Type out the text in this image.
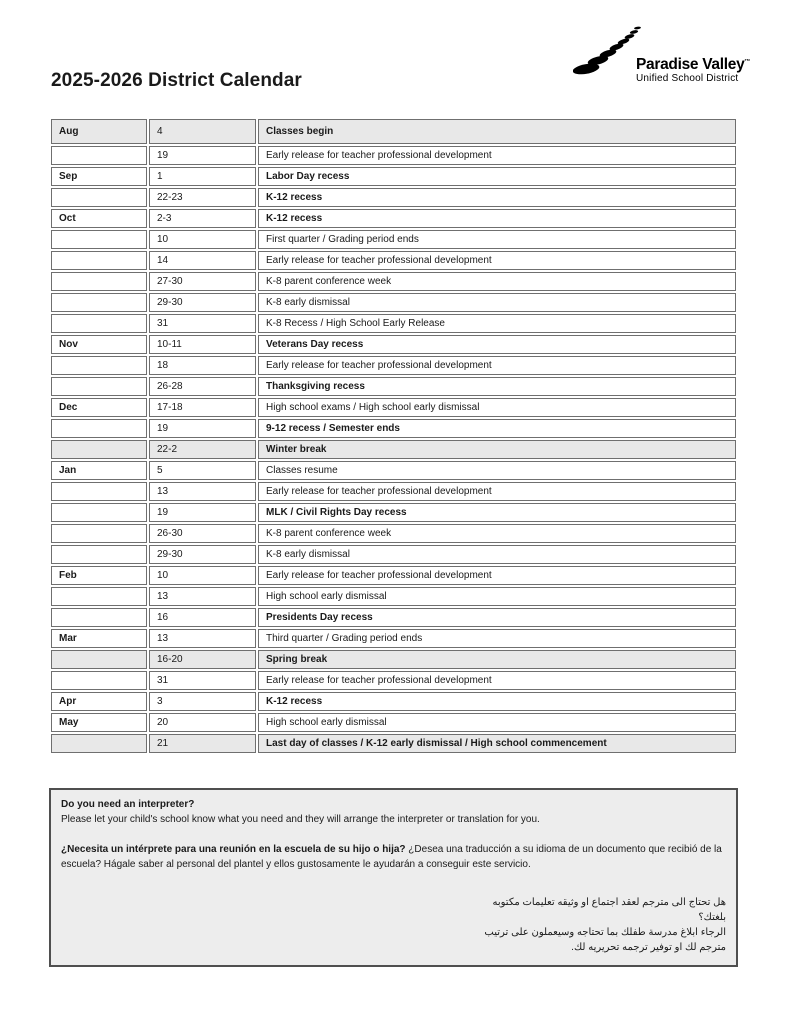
2025-2026 District Calendar
Paradise Valley™
Unified School District
Aug	4	Classes begin
	19	Early release for teacher professional development
Sep	1	Labor Day recess
	22-23	K-12 recess
Oct	2-3	K-12 recess
	10	First quarter / Grading period ends
	14	Early release for teacher professional development
	27-30	K-8 parent conference week
	29-30	K-8 early dismissal
	31	K-8 Recess / High School Early Release
Nov	10-11	Veterans Day recess
	18	Early release for teacher professional development
	26-28	Thanksgiving recess
Dec	17-18	High school exams / High school early dismissal
	19	9-12 recess / Semester ends
	22-2	Winter break
Jan	5	Classes resume
	13	Early release for teacher professional development
	19	MLK / Civil Rights Day recess
	26-30	K-8 parent conference week
	29-30	K-8 early dismissal
Feb	10	Early release for teacher professional development
	13	High school early dismissal
	16	Presidents Day recess
Mar	13	Third quarter / Grading period ends
	16-20	Spring break
	31	Early release for teacher professional development
Apr	3	K-12 recess
May	20	High school early dismissal
	21	Last day of classes / K-12 early dismissal / High school commencement
Do you need an interpreter?
Please let your child's school know what you need and they will arrange the interpreter or translation for you.
¿Necesita un intérprete para una reunión en la escuela de su hijo o hija? ¿Desea una traducción a su idioma de un documento que recibió de la escuela? Hágale saber al personal del plantel y ellos gustosamente le ayudarán a conseguir este servicio.
هل تحتاج الى مترجم لعقد اجتماع او وثيقه تعليمات مكتوبه
بلغتك؟
الرجاء ابلاغ مدرسة طفلك بما تحتاجه وسيعملون على ترتيب
مترجم لك او توفير ترجمه تحريريه لك.
